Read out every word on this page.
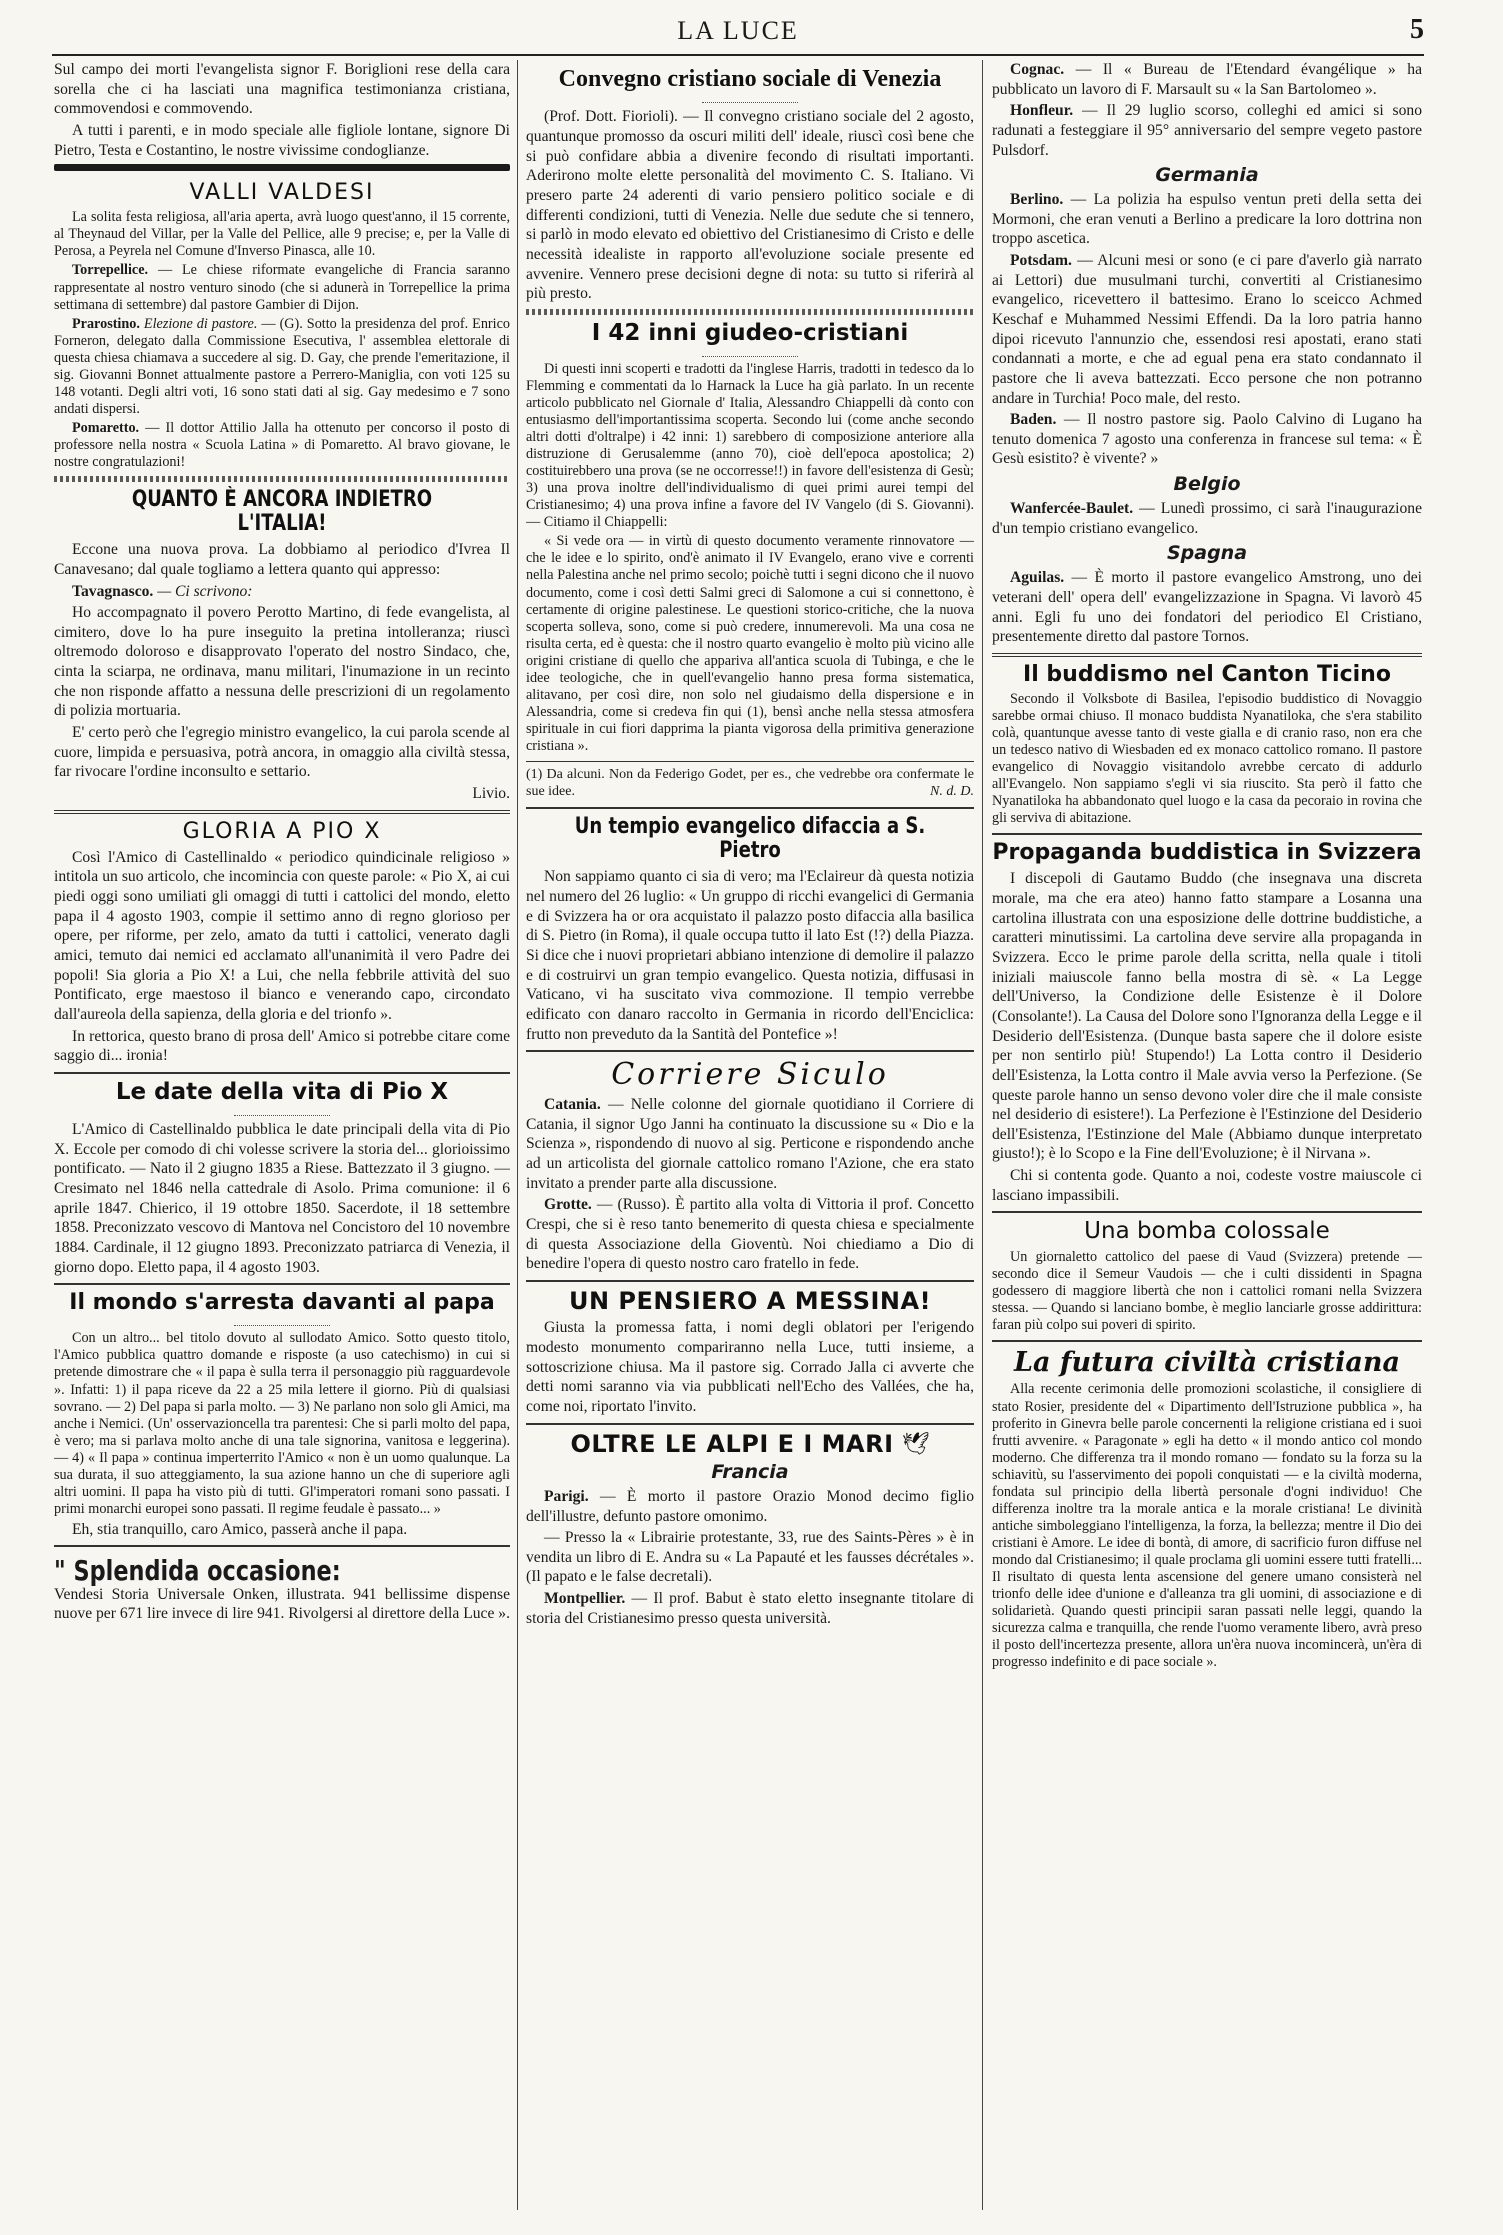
LA LUCE	5

Sul campo dei morti l'evangelista signor F. Boriglioni rese della cara sorella che ci ha lasciati una magnifica testimonianza cristiana, commovendosi e commovendo.

A tutti i parenti, e in modo speciale alle figliole lontane, signore Di Pietro, Testa e Costantino, le nostre vivissime condoglianze.

VALLI VALDESI

La solita festa religiosa, all'aria aperta, avrà luogo quest'anno, il 15 corrente, al Theynaud del Villar, per la Valle del Pellice, alle 9 precise; e, per la Valle di Perosa, a Peyrela nel Comune d'Inverso Pinasca, alle 10.

Torrepellice. — Le chiese riformate evangeliche di Francia saranno rappresentate al nostro venturo sinodo (che si adunerà in Torrepellice la prima settimana di settembre) dal pastore Gambier di Dijon.

Prarostino. Elezione di pastore. — (G). Sotto la presidenza del prof. Enrico Forneron, delegato dalla Commissione Esecutiva, l' assemblea elettorale di questa chiesa chiamava a succedere al sig. D. Gay, che prende l'emeritazione, il sig. Giovanni Bonnet attualmente pastore a Perrero-Maniglia, con voti 125 su 148 votanti. Degli altri voti, 16 sono stati dati al sig. Gay medesimo e 7 sono andati dispersi.

Pomaretto. — Il dottor Attilio Jalla ha ottenuto per concorso il posto di professore nella nostra « Scuola Latina » di Pomaretto. Al bravo giovane, le nostre congratulazioni!

QUANTO È ANCORA INDIETRO L'ITALIA!

Eccone una nuova prova. La dobbiamo al periodico d'Ivrea Il Canavesano; dal quale togliamo a lettera quanto qui appresso:

Tavagnasco. — Ci scrivono:

Ho accompagnato il povero Perotto Martino, di fede evangelista, al cimitero, dove lo ha pure inseguito la pretina intolleranza; riuscì oltremodo doloroso e disapprovato l'operato del nostro Sindaco, che, cinta la sciarpa, ne ordinava, manu militari, l'inumazione in un recinto che non risponde affatto a nessuna delle prescrizioni di un regolamento di polizia mortuaria.

E' certo però che l'egregio ministro evangelico, la cui parola scende al cuore, limpida e persuasiva, potrà ancora, in omaggio alla civiltà stessa, far rivocare l'ordine inconsulto e settario.

Livio.

GLORIA A PIO X

Così l'Amico di Castellinaldo « periodico quindicinale religioso » intitola un suo articolo, che incomincia con queste parole: « Pio X, ai cui piedi oggi sono umiliati gli omaggi di tutti i cattolici del mondo, eletto papa il 4 agosto 1903, compie il settimo anno di regno glorioso per opere, per riforme, per zelo, amato da tutti i cattolici, venerato dagli amici, temuto dai nemici ed acclamato all'unanimità il vero Padre dei popoli! Sia gloria a Pio X! a Lui, che nella febbrile attività del suo Pontificato, erge maestoso il bianco e venerando capo, circondato dall'aureola della sapienza, della gloria e del trionfo ».

In rettorica, questo brano di prosa dell' Amico si potrebbe citare come saggio di... ironia!

Le date della vita di Pio X

L'Amico di Castellinaldo pubblica le date principali della vita di Pio X. Eccole per comodo di chi volesse scrivere la storia del... glorioissimo pontificato. — Nato il 2 giugno 1835 a Riese. Battezzato il 3 giugno. — Cresimato nel 1846 nella cattedrale di Asolo. Prima comunione: il 6 aprile 1847. Chierico, il 19 ottobre 1850. Sacerdote, il 18 settembre 1858. Preconizzato vescovo di Mantova nel Concistoro del 10 novembre 1884. Cardinale, il 12 giugno 1893. Preconizzato patriarca di Venezia, il giorno dopo. Eletto papa, il 4 agosto 1903.

Il mondo s'arresta davanti al papa

Con un altro... bel titolo dovuto al sullodato Amico. Sotto questo titolo, l'Amico pubblica quattro domande e risposte (a uso catechismo) in cui si pretende dimostrare che « il papa è sulla terra il personaggio più ragguardevole ». Infatti: 1) il papa riceve da 22 a 25 mila lettere il giorno. Più di qualsiasi sovrano. — 2) Del papa si parla molto. — 3) Ne parlano non solo gli Amici, ma anche i Nemici. (Un' osservazioncella tra parentesi: Che si parli molto del papa, è vero; ma si parlava molto anche di una tale signorina, vanitosa e leggerina). — 4) « Il papa » continua imperterrito l'Amico « non è un uomo qualunque. La sua durata, il suo atteggiamento, la sua azione hanno un che di superiore agli altri uomini. Il papa ha visto più di tutti. Gl'imperatori romani sono passati. I primi monarchi europei sono passati. Il regime feudale è passato... »

Eh, stia tranquillo, caro Amico, passerà anche il papa.

" Splendida occasione:

Vendesi Storia Universale Onken, illustrata. 941 bellissime dispense nuove per 671 lire invece di lire 941. Rivolgersi al direttore della Luce ».

Convegno cristiano sociale di Venezia

(Prof. Dott. Fiorioli). — Il convegno cristiano sociale del 2 agosto, quantunque promosso da oscuri militi dell' ideale, riuscì così bene che si può confidare abbia a divenire fecondo di risultati importanti. Aderirono molte elette personalità del movimento C. S. Italiano. Vi presero parte 24 aderenti di vario pensiero politico sociale e di differenti condizioni, tutti di Venezia. Nelle due sedute che si tennero, si parlò in modo elevato ed obiettivo del Cristianesimo di Cristo e delle necessità idealiste in rapporto all'evoluzione sociale presente ed avvenire. Vennero prese decisioni degne di nota: su tutto si riferirà al più presto.

I 42 inni giudeo-cristiani

Di questi inni scoperti e tradotti da l'inglese Harris, tradotti in tedesco da lo Flemming e commentati da lo Harnack la Luce ha già parlato. In un recente articolo pubblicato nel Giornale d' Italia, Alessandro Chiappelli dà conto con entusiasmo dell'importantissima scoperta. Secondo lui (come anche secondo altri dotti d'oltralpe) i 42 inni: 1) sarebbero di composizione anteriore alla distruzione di Gerusalemme (anno 70), cioè dell'epoca apostolica; 2) costituirebbero una prova (se ne occorresse!!) in favore dell'esistenza di Gesù; 3) una prova inoltre dell'individualismo di quei primi aurei tempi del Cristianesimo; 4) una prova infine a favore del IV Vangelo (di S. Giovanni). — Citiamo il Chiappelli:

« Si vede ora — in virtù di questo documento veramente rinnovatore — che le idee e lo spirito, ond'è animato il IV Evangelo, erano vive e correnti nella Palestina anche nel primo secolo; poichè tutti i segni dicono che il nuovo documento, come i così detti Salmi greci di Salomone a cui si connettono, è certamente di origine palestinese. Le questioni storico-critiche, che la nuova scoperta solleva, sono, come si può credere, innumerevoli. Ma una cosa ne risulta certa, ed è questa: che il nostro quarto evangelio è molto più vicino alle origini cristiane di quello che appariva all'antica scuola di Tubinga, e che le idee teologiche, che in quell'evangelio hanno presa forma sistematica, alitavano, per così dire, non solo nel giudaismo della dispersione e in Alessandria, come si credeva fin qui (1), bensì anche nella stessa atmosfera spirituale in cui fiori dapprima la pianta vigorosa della primitiva generazione cristiana ».

(1) Da alcuni. Non da Federigo Godet, per es., che vedrebbe ora confermate le sue idee.	N. d. D.
Un tempio evangelico difaccia a S. Pietro

Non sappiamo quanto ci sia di vero; ma l'Eclaireur dà questa notizia nel numero del 26 luglio: « Un gruppo di ricchi evangelici di Germania e di Svizzera ha or ora acquistato il palazzo posto difaccia alla basilica di S. Pietro (in Roma), il quale occupa tutto il lato Est (!?) della Piazza. Si dice che i nuovi proprietari abbiano intenzione di demolire il palazzo e di costruirvi un gran tempio evangelico. Questa notizia, diffusasi in Vaticano, vi ha suscitato viva commozione. Il tempio verrebbe edificato con danaro raccolto in Germania in ricordo dell'Enciclica: frutto non preveduto da la Santità del Pontefice »!

Corriere Siculo

Catania. — Nelle colonne del giornale quotidiano il Corriere di Catania, il signor Ugo Janni ha continuato la discussione su « Dio e la Scienza », rispondendo di nuovo al sig. Perticone e rispondendo anche ad un articolista del giornale cattolico romano l'Azione, che era stato invitato a prender parte alla discussione.

Grotte. — (Russo). È partito alla volta di Vittoria il prof. Concetto Crespi, che si è reso tanto benemerito di questa chiesa e specialmente di questa Associazione della Gioventù. Noi chiediamo a Dio di benedire l'opera di questo nostro caro fratello in fede.

UN PENSIERO A MESSINA!

Giusta la promessa fatta, i nomi degli oblatori per l'erigendo modesto monumento compariranno nella Luce, tutti insieme, a sottoscrizione chiusa. Ma il pastore sig. Corrado Jalla ci avverte che detti nomi saranno via via pubblicati nell'Echo des Vallées, che ha, come noi, riportato l'invito.

OLTRE LE ALPI E I MARI 🕊
Francia

Parigi. — È morto il pastore Orazio Monod decimo figlio dell'illustre, defunto pastore omonimo.

— Presso la « Librairie protestante, 33, rue des Saints-Pères » è in vendita un libro di E. Andra su « La Papauté et les fausses décrétales ». (Il papato e le false decretali).

Montpellier. — Il prof. Babut è stato eletto insegnante titolare di storia del Cristianesimo presso questa università.

Cognac. — Il « Bureau de l'Etendard évangélique » ha pubblicato un lavoro di F. Marsault su « la San Bartolomeo ».

Honfleur. — Il 29 luglio scorso, colleghi ed amici si sono radunati a festeggiare il 95° anniversario del sempre vegeto pastore Pulsdorf.

Germania

Berlino. — La polizia ha espulso ventun preti della setta dei Mormoni, che eran venuti a Berlino a predicare la loro dottrina non troppo ascetica.

Potsdam. — Alcuni mesi or sono (e ci pare d'averlo già narrato ai Lettori) due musulmani turchi, convertiti al Cristianesimo evangelico, ricevettero il battesimo. Erano lo sceicco Achmed Keschaf e Muhammed Nessimi Effendi. Da la loro patria hanno dipoi ricevuto l'annunzio che, essendosi resi apostati, erano stati condannati a morte, e che ad egual pena era stato condannato il pastore che li aveva battezzati. Ecco persone che non potranno andare in Turchia! Poco male, del resto.

Baden. — Il nostro pastore sig. Paolo Calvino di Lugano ha tenuto domenica 7 agosto una conferenza in francese sul tema: « È Gesù esistito? è vivente? »

Belgio

Wanfercée-Baulet. — Lunedì prossimo, ci sarà l'inaugurazione d'un tempio cristiano evangelico.

Spagna

Aguilas. — È morto il pastore evangelico Amstrong, uno dei veterani dell' opera dell' evangelizzazione in Spagna. Vi lavorò 45 anni. Egli fu uno dei fondatori del periodico El Cristiano, presentemente diretto dal pastore Tornos.

Il buddismo nel Canton Ticino

Secondo il Volksbote di Basilea, l'episodio buddistico di Novaggio sarebbe ormai chiuso. Il monaco buddista Nyanatiloka, che s'era stabilito colà, quantunque avesse tanto di veste gialla e di cranio raso, non era che un tedesco nativo di Wiesbaden ed ex monaco cattolico romano. Il pastore evangelico di Novaggio visitandolo avrebbe cercato di addurlo all'Evangelo. Non sappiamo s'egli vi sia riuscito. Sta però il fatto che Nyanatiloka ha abbandonato quel luogo e la casa da pecoraio in rovina che gli serviva di abitazione.

Propaganda buddistica in Svizzera

I discepoli di Gautamo Buddo (che insegnava una discreta morale, ma che era ateo) hanno fatto stampare a Losanna una cartolina illustrata con una esposizione delle dottrine buddistiche, a caratteri minutissimi. La cartolina deve servire alla propaganda in Svizzera. Ecco le prime parole della scritta, nella quale i titoli iniziali maiuscole fanno bella mostra di sè. « La Legge dell'Universo, la Condizione delle Esistenze è il Dolore (Consolante!). La Causa del Dolore sono l'Ignoranza della Legge e il Desiderio dell'Esistenza. (Dunque basta sapere che il dolore esiste per non sentirlo più! Stupendo!) La Lotta contro il Desiderio dell'Esistenza, la Lotta contro il Male avvia verso la Perfezione. (Se queste parole hanno un senso devono voler dire che il male consiste nel desiderio di esistere!). La Perfezione è l'Estinzione del Desiderio dell'Esistenza, l'Estinzione del Male (Abbiamo dunque interpretato giusto!); è lo Scopo e la Fine dell'Evoluzione; è il Nirvana ».

Chi si contenta gode. Quanto a noi, codeste vostre maiuscole ci lasciano impassibili.

Una bomba colossale

Un giornaletto cattolico del paese di Vaud (Svizzera) pretende — secondo dice il Semeur Vaudois — che i culti dissidenti in Spagna godessero di maggiore libertà che non i cattolici romani nella Svizzera stessa. — Quando si lanciano bombe, è meglio lanciarle grosse addirittura: faran più colpo sui poveri di spirito.

La futura civiltà cristiana

Alla recente cerimonia delle promozioni scolastiche, il consigliere di stato Rosier, presidente del « Dipartimento dell'Istruzione pubblica », ha proferito in Ginevra belle parole concernenti la religione cristiana ed i suoi frutti avvenire. « Paragonate » egli ha detto « il mondo antico col mondo moderno. Che differenza tra il mondo romano — fondato su la forza su la schiavitù, su l'asservimento dei popoli conquistati — e la civiltà moderna, fondata sul principio della libertà personale d'ogni individuo! Che differenza inoltre tra la morale antica e la morale cristiana! Le divinità antiche simboleggiano l'intelligenza, la forza, la bellezza; mentre il Dio dei cristiani è Amore. Le idee di bontà, di amore, di sacrificio furon diffuse nel mondo dal Cristianesimo; il quale proclama gli uomini essere tutti fratelli... Il risultato di questa lenta ascensione del genere umano consisterà nel trionfo delle idee d'unione e d'alleanza tra gli uomini, di associazione e di solidarietà. Quando questi principii saran passati nelle leggi, quando la sicurezza calma e tranquilla, che rende l'uomo veramente libero, avrà preso il posto dell'incertezza presente, allora un'èra nuova incomincerà, un'èra di progresso indefinito e di pace sociale ».
